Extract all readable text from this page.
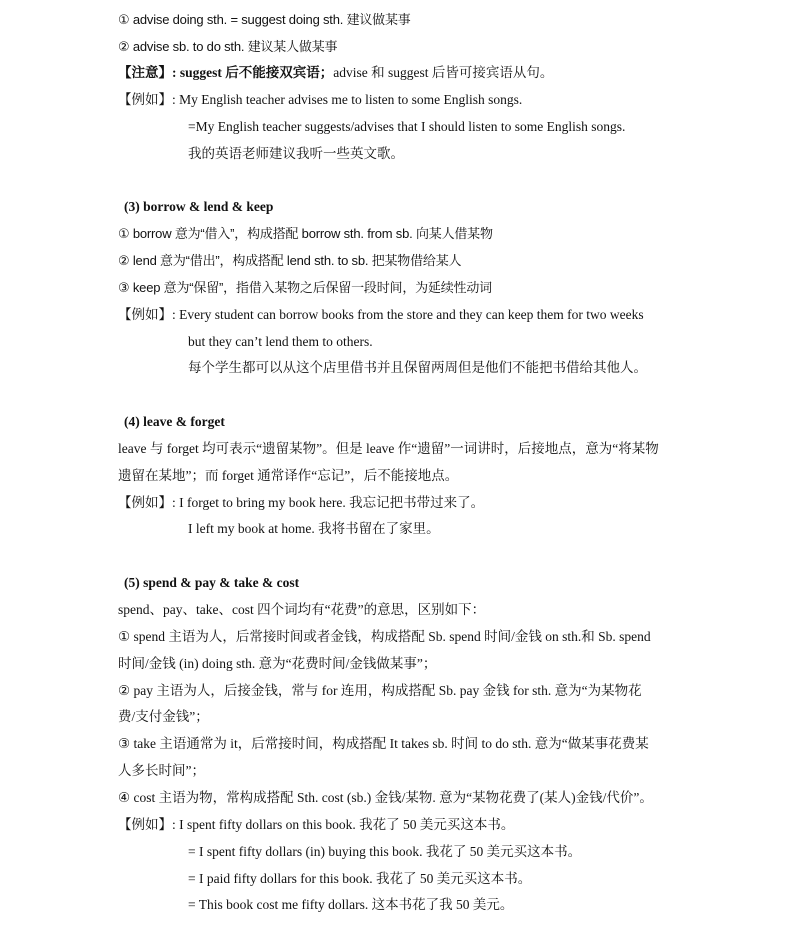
① advise doing sth. = suggest doing sth. 建议做某事
② advise sb. to do sth. 建议某人做某事
【注意】: suggest 后不能接双宾语；advise 和 suggest 后皆可接宾语从句。
【例如】: My English teacher advises me to listen to some English songs.
=My English teacher suggests/advises that I should listen to some English songs.
我的英语老师建议我听一些英文歌。
(3) borrow & lend & keep
① borrow 意为“借入”，构成搭配 borrow sth. from sb. 向某人借某物
② lend 意为“借出”，构成搭配 lend sth. to sb. 把某物借给某人
③ keep 意为“保留”，指借入某物之后保留一段时间，为延续性动词
【例如】: Every student can borrow books from the store and they can keep them for two weeks
but they can’t lend them to others.
每个学生都可以从这个店里借书并且保留两周但是他们不能把书借给其他人。
(4) leave & forget
leave 与 forget 均可表示“遗留某物”。但是 leave 作“遗留”一词讲时，后接地点，意为“将某物
遗留在某地”；而 forget 通常译作“忘记”，后不能接地点。
【例如】: I forget to bring my book here. 我忘记把书带过来了。
I left my book at home. 我将书留在了家里。
(5) spend & pay & take & cost
spend、pay、take、cost 四个词均有“花费”的意思，区别如下：
① spend 主语为人，后常接时间或者金钱，构成搭配 Sb. spend 时间/金钱 on sth.和 Sb. spend
时间/金钱 (in) doing sth. 意为“花费时间/金钱做某事”；
② pay 主语为人，后接金钱，常与 for 连用，构成搭配 Sb. pay 金钱 for sth. 意为“为某物花
费/支付金钱”；
③ take 主语通常为 it，后常接时间，构成搭配 It takes sb. 时间 to do sth. 意为“做某事花费某
人多长时间”；
④ cost 主语为物，常构成搭配 Sth. cost (sb.) 金钱/某物. 意为“某物花费了(某人)金钱/代价”。
【例如】: I spent fifty dollars on this book. 我花了 50 美元买这本书。
= I spent fifty dollars (in) buying this book. 我花了 50 美元买这本书。
= I paid fifty dollars for this book. 我花了 50 美元买这本书。
= This book cost me fifty dollars. 这本书花了我 50 美元。
